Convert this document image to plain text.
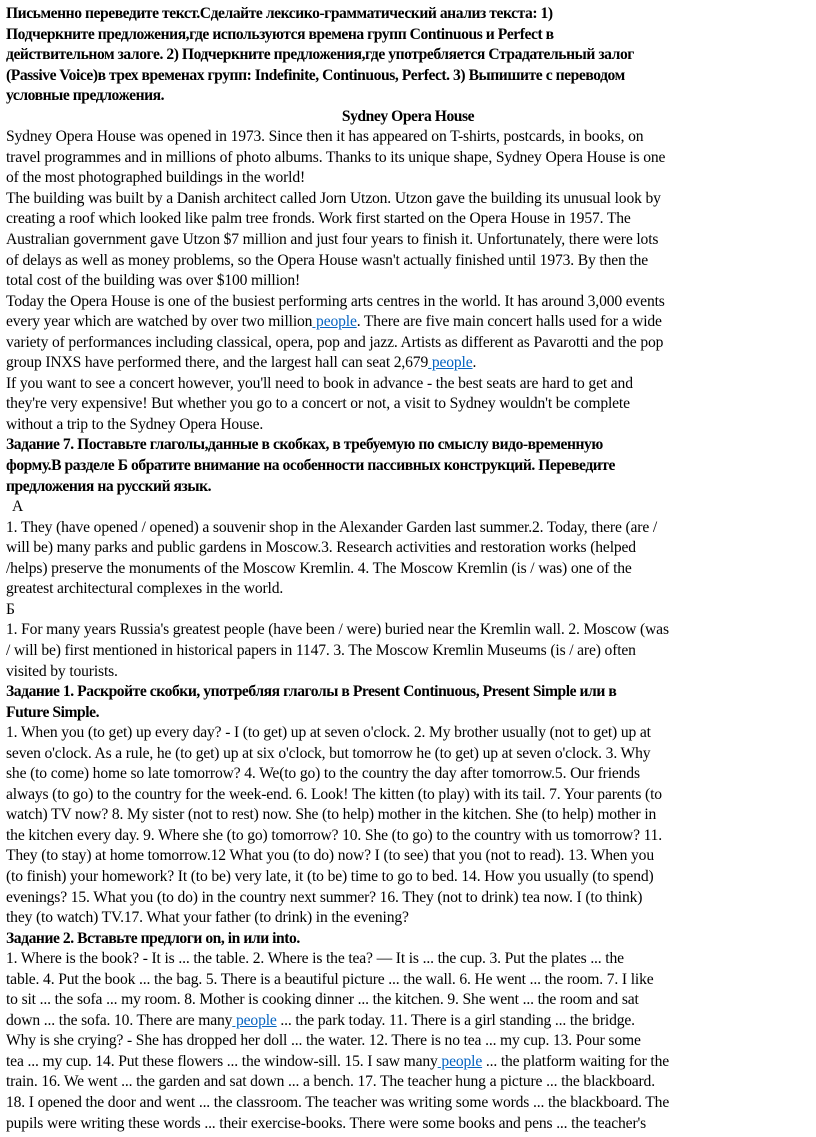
Письменно переведите текст.Сделайте лексико-грамматический анализ текста: 1)
Подчеркните предложения,где используются времена групп Continuous и Perfect в
действительном залоге. 2) Подчеркните предложения,где употребляется Страдательный залог
(Passive Voice)в трех временах групп: Indefinite, Continuous, Perfect. 3) Выпишите с переводом
условные предложения.
Sydney Opera House
Sydney Opera House was opened in 1973. Since then it has appeared on T-shirts, postcards, in books, on
travel programmes and in millions of photo albums. Thanks to its unique shape, Sydney Opera House is one
of the most photographed buildings in the world!
The building was built by a Danish architect called Jorn Utzon. Utzon gave the building its unusual look by
creating a roof which looked like palm tree fronds. Work first started on the Opera House in 1957. The
Australian government gave Utzon $7 million and just four years to finish it. Unfortunately, there were lots
of delays as well as money problems, so the Opera House wasn't actually finished until 1973. By then the
total cost of the building was over $100 million!
Today the Opera House is one of the busiest performing arts centres in the world. It has around 3,000 events
every year which are watched by over two million people. There are five main concert halls used for a wide
variety of performances including classical, opera, pop and jazz. Artists as different as Pavarotti and the pop
group INXS have performed there, and the largest hall can seat 2,679 people.
If you want to see a concert however, you'll need to book in advance - the best seats are hard to get and
they're very expensive! But whether you go to a concert or not, a visit to Sydney wouldn't be complete
without a trip to the Sydney Opera House.
Задание 7. Поставьте глаголы,данные в скобках, в требуемую по смыслу видо-временную
форму.В разделе Б обратите внимание на особенности пассивных конструкций. Переведите
предложения на русский язык.
А
1. They (have opened / opened) a souvenir shop in the Alexander Garden last summer.2. Today, there (are /
will be) many parks and public gardens in Moscow.3. Research activities and restoration works (helped
/helps) preserve the monuments of the Moscow Kremlin. 4. The Moscow Kremlin (is / was) one of the
greatest architectural complexes in the world.
Б
1. For many years Russia's greatest people (have been / were) buried near the Kremlin wall. 2. Moscow (was
/ will be) first mentioned in historical papers in 1147. 3. The Moscow Kremlin Museums (is / are) often
visited by tourists.
Задание 1. Раскройте скобки, употребляя глаголы в Present Continuous, Present Simple или в
Future Simple.
1. When you (to get) up every day? - I (to get) up at seven o'clock. 2. My brother usually (not to get) up at
seven o'clock. As a rule, he (to get) up at six o'clock, but tomorrow he (to get) up at seven o'clock. 3. Why
she (to come) home so late tomorrow? 4. We(to go) to the country the day after tomorrow.5. Our friends
always (to go) to the country for the week-end. 6. Look! The kitten (to play) with its tail. 7. Your parents (to
watch) TV now? 8. My sister (not to rest) now. She (to help) mother in the kitchen. She (to help) mother in
the kitchen every day. 9. Where she (to go) tomorrow? 10. She (to go) to the country with us tomorrow? 11.
They (to stay) at home tomorrow.12 What you (to do) now? I (to see) that you (not to read). 13. When you
(to finish) your homework? It (to be) very late, it (to be) time to go to bed. 14. How you usually (to spend)
evenings? 15. What you (to do) in the country next summer? 16. They (not to drink) tea now. I (to think)
they (to watch) TV.17. What your father (to drink) in the evening?
Задание 2. Вставьте предлоги on, in или into.
1. Where is the book? - It is ... the table. 2. Where is the tea? — It is ... the cup. 3. Put the plates ... the
table. 4. Put the book ... the bag. 5. There is a beautiful picture ... the wall. 6. He went ... the room. 7. I like
to sit ... the sofa ... my room. 8. Mother is cooking dinner ... the kitchen. 9. She went ... the room and sat
down ... the sofa. 10. There are many people ... the park today. 11. There is a girl standing ... the bridge.
Why is she crying? - She has dropped her doll ... the water. 12. There is no tea ... my cup. 13. Pour some
tea ... my cup. 14. Put these flowers ... the window-sill. 15. I saw many people ... the platform waiting for the
train. 16. We went ... the garden and sat down ... a bench. 17. The teacher hung a picture ... the blackboard.
18. I opened the door and went ... the classroom. The teacher was writing some words ... the blackboard. The
pupils were writing these words ... their exercise-books. There were some books and pens ... the teacher's
